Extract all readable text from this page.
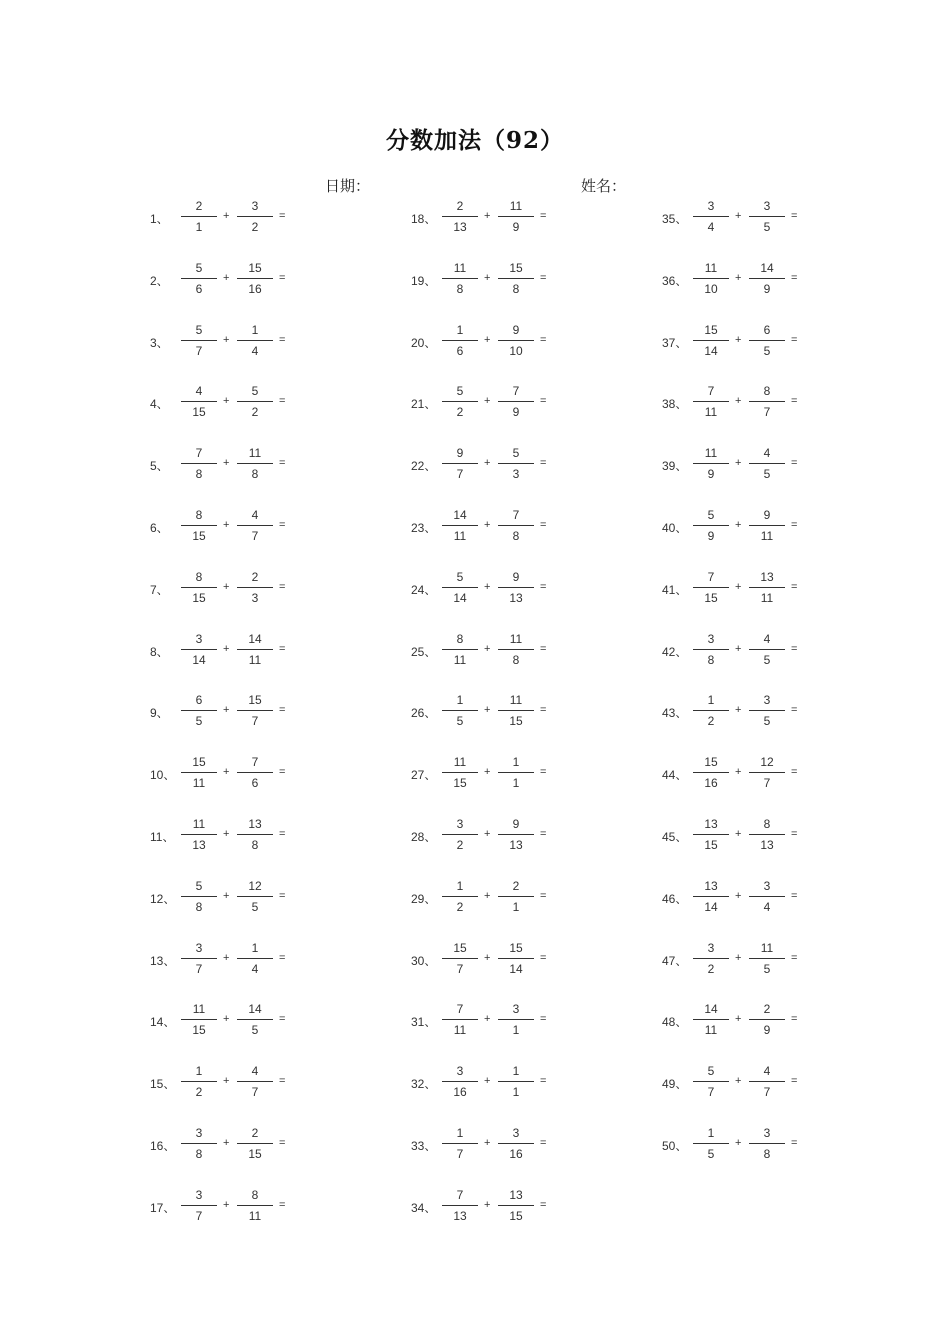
分数加法（92）
日期：	姓名：
1、
2
1
+
3
2
=
2、
5
6
+
15
16
=
3、
5
7
+
1
4
=
4、
4
15
+
5
2
=
5、
7
8
+
11
8
=
6、
8
15
+
4
7
=
7、
8
15
+
2
3
=
8、
3
14
+
14
11
=
9、
6
5
+
15
7
=
10、
15
11
+
7
6
=
11、
11
13
+
13
8
=
12、
5
8
+
12
5
=
13、
3
7
+
1
4
=
14、
11
15
+
14
5
=
15、
1
2
+
4
7
=
16、
3
8
+
2
15
=
17、
3
7
+
8
11
=
18、
2
13
+
11
9
=
19、
11
8
+
15
8
=
20、
1
6
+
9
10
=
21、
5
2
+
7
9
=
22、
9
7
+
5
3
=
23、
14
11
+
7
8
=
24、
5
14
+
9
13
=
25、
8
11
+
11
8
=
26、
1
5
+
11
15
=
27、
11
15
+
1
1
=
28、
3
2
+
9
13
=
29、
1
2
+
2
1
=
30、
15
7
+
15
14
=
31、
7
11
+
3
1
=
32、
3
16
+
1
1
=
33、
1
7
+
3
16
=
34、
7
13
+
13
15
=
35、
3
4
+
3
5
=
36、
11
10
+
14
9
=
37、
15
14
+
6
5
=
38、
7
11
+
8
7
=
39、
11
9
+
4
5
=
40、
5
9
+
9
11
=
41、
7
15
+
13
11
=
42、
3
8
+
4
5
=
43、
1
2
+
3
5
=
44、
15
16
+
12
7
=
45、
13
15
+
8
13
=
46、
13
14
+
3
4
=
47、
3
2
+
11
5
=
48、
14
11
+
2
9
=
49、
5
7
+
4
7
=
50、
1
5
+
3
8
=
